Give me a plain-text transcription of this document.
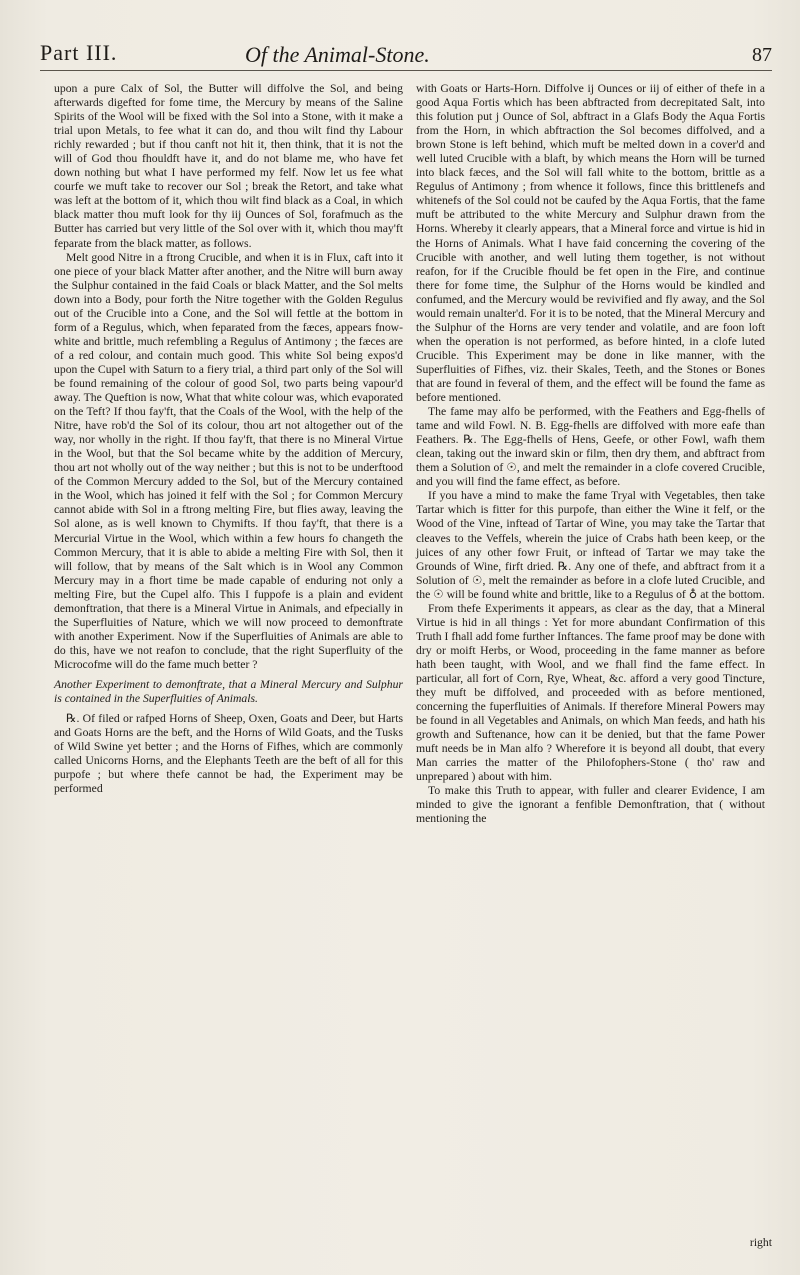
Part III.	Of the Animal-Stone.	87

upon a pure Calx of Sol, the Butter will diffolve the Sol, and being afterwards digefted for fome time, the Mercury by means of the Saline Spirits of the Wool will be fixed with the Sol into a Stone, with it make a trial upon Metals, to fee what it can do, and thou wilt find thy Labour richly rewarded ; but if thou canft not hit it, then think, that it is not the will of God thou fhouldft have it, and do not blame me, who have fet down nothing but what I have performed my felf. Now let us fee what courfe we muft take to recover our Sol ; break the Retort, and take what was left at the bottom of it, which thou wilt find black as a Coal, in which black matter thou muft look for thy iij Ounces of Sol, forafmuch as the Butter has carried but very little of the Sol over with it, which thou may'ft feparate from the black matter, as follows.

Melt good Nitre in a ftrong Crucible, and when it is in Flux, caft into it one piece of your black Matter after another, and the Nitre will burn away the Sulphur contained in the faid Coals or black Matter, and the Sol melts down into a Body, pour forth the Nitre together with the Golden Regulus out of the Crucible into a Cone, and the Sol will fettle at the bottom in form of a Regulus, which, when feparated from the fæces, appears fnow-white and brittle, much refembling a Regulus of Antimony ; the fæces are of a red colour, and contain much good. This white Sol being expos'd upon the Cupel with Saturn to a fiery trial, a third part only of the Sol will be found remaining of the colour of good Sol, two parts being vapour'd away. The Queftion is now, What that white colour was, which evaporated on the Teft? If thou fay'ft, that the Coals of the Wool, with the help of the Nitre, have rob'd the Sol of its colour, thou art not altogether out of the way, nor wholly in the right. If thou fay'ft, that there is no Mineral Virtue in the Wool, but that the Sol became white by the addition of Mercury, thou art not wholly out of the way neither ; but this is not to be underftood of the Common Mercury added to the Sol, but of the Mercury contained in the Wool, which has joined it felf with the Sol ; for Common Mercury cannot abide with Sol in a ftrong melting Fire, but flies away, leaving the Sol alone, as is well known to Chymifts. If thou fay'ft, that there is a Mercurial Virtue in the Wool, which within a few hours fo changeth the Common Mercury, that it is able to abide a melting Fire with Sol, then it will follow, that by means of the Salt which is in Wool any Common Mercury may in a fhort time be made capable of enduring not only a melting Fire, but the Cupel alfo. This I fuppofe is a plain and evident demonftration, that there is a Mineral Virtue in Animals, and efpecially in the Superfluities of Nature, which we will now proceed to demonftrate with another Experiment. Now if the Superfluities of Animals are able to do this, have we not reafon to conclude, that the right Superfluity of the Microcofme will do the fame much better ?

Another Experiment to demonftrate, that a Mineral Mercury and Sulphur is contained in the Superfluities of Animals.

℞. Of filed or rafped Horns of Sheep, Oxen, Goats and Deer, but Harts and Goats Horns are the beft, and the Horns of Wild Goats, and the Tusks of Wild Swine yet better ; and the Horns of Fifhes, which are commonly called Unicorns Horns, and the Elephants Teeth are the beft of all for this purpofe ; but where thefe cannot be had, the Experiment may be performed

with Goats or Harts-Horn. Diffolve ij Ounces or iij of either of thefe in a good Aqua Fortis which has been abftracted from decrepitated Salt, into this folution put j Ounce of Sol, abftract in a Glafs Body the Aqua Fortis from the Horn, in which abftraction the Sol becomes diffolved, and a brown Stone is left behind, which muft be melted down in a cover'd and well luted Crucible with a blaft, by which means the Horn will be turned into black fæces, and the Sol will fall white to the bottom, brittle as a Regulus of Antimony ; from whence it follows, fince this brittlenefs and whitenefs of the Sol could not be caufed by the Aqua Fortis, that the fame muft be attributed to the white Mercury and Sulphur drawn from the Horns. Whereby it clearly appears, that a Mineral force and virtue is hid in the Horns of Animals. What I have faid concerning the covering of the Crucible with another, and well luting them together, is not without reafon, for if the Crucible fhould be fet open in the Fire, and continue there for fome time, the Sulphur of the Horns would be kindled and confumed, and the Mercury would be revivified and fly away, and the Sol would remain unalter'd. For it is to be noted, that the Mineral Mercury and the Sulphur of the Horns are very tender and volatile, and are foon loft when the operation is not performed, as before hinted, in a clofe luted Crucible. This Experiment may be done in like manner, with the Superfluities of Fifhes, viz. their Skales, Teeth, and the Stones or Bones that are found in feveral of them, and the effect will be found the fame as before mentioned.

The fame may alfo be performed, with the Feathers and Egg-fhells of tame and wild Fowl. N. B. Egg-fhells are diffolved with more eafe than Feathers. ℞. The Egg-fhells of Hens, Geefe, or other Fowl, wafh them clean, taking out the inward skin or film, then dry them, and abftract from them a Solution of ☉, and melt the remainder in a clofe covered Crucible, and you will find the fame effect, as before.

If you have a mind to make the fame Tryal with Vegetables, then take Tartar which is fitter for this purpofe, than either the Wine it felf, or the Wood of the Vine, inftead of Tartar of Wine, you may take the Tartar that cleaves to the Veffels, wherein the juice of Crabs hath been keep, or the juices of any other fowr Fruit, or inftead of Tartar we may take the Grounds of Wine, firft dried. ℞. Any one of thefe, and abftract from it a Solution of ☉, melt the remainder as before in a clofe luted Crucible, and the ☉ will be found white and brittle, like to a Regulus of ♁ at the bottom.

From thefe Experiments it appears, as clear as the day, that a Mineral Virtue is hid in all things : Yet for more abundant Confirmation of this Truth I fhall add fome further Inftances. The fame proof may be done with dry or moift Herbs, or Wood, proceeding in the fame manner as before hath been taught, with Wool, and we fhall find the fame effect. In particular, all fort of Corn, Rye, Wheat, &c. afford a very good Tincture, they muft be diffolved, and proceeded with as before mentioned, concerning the fuperfluities of Animals. If therefore Mineral Powers may be found in all Vegetables and Animals, on which Man feeds, and hath his growth and Suftenance, how can it be denied, but that the fame Power muft needs be in Man alfo ? Wherefore it is beyond all doubt, that every Man carries the matter of the Philofophers-Stone ( tho' raw and unprepared ) about with him.

To make this Truth to appear, with fuller and clearer Evidence, I am minded to give the ignorant a fenfible Demonftration, that ( without mentioning the

right
